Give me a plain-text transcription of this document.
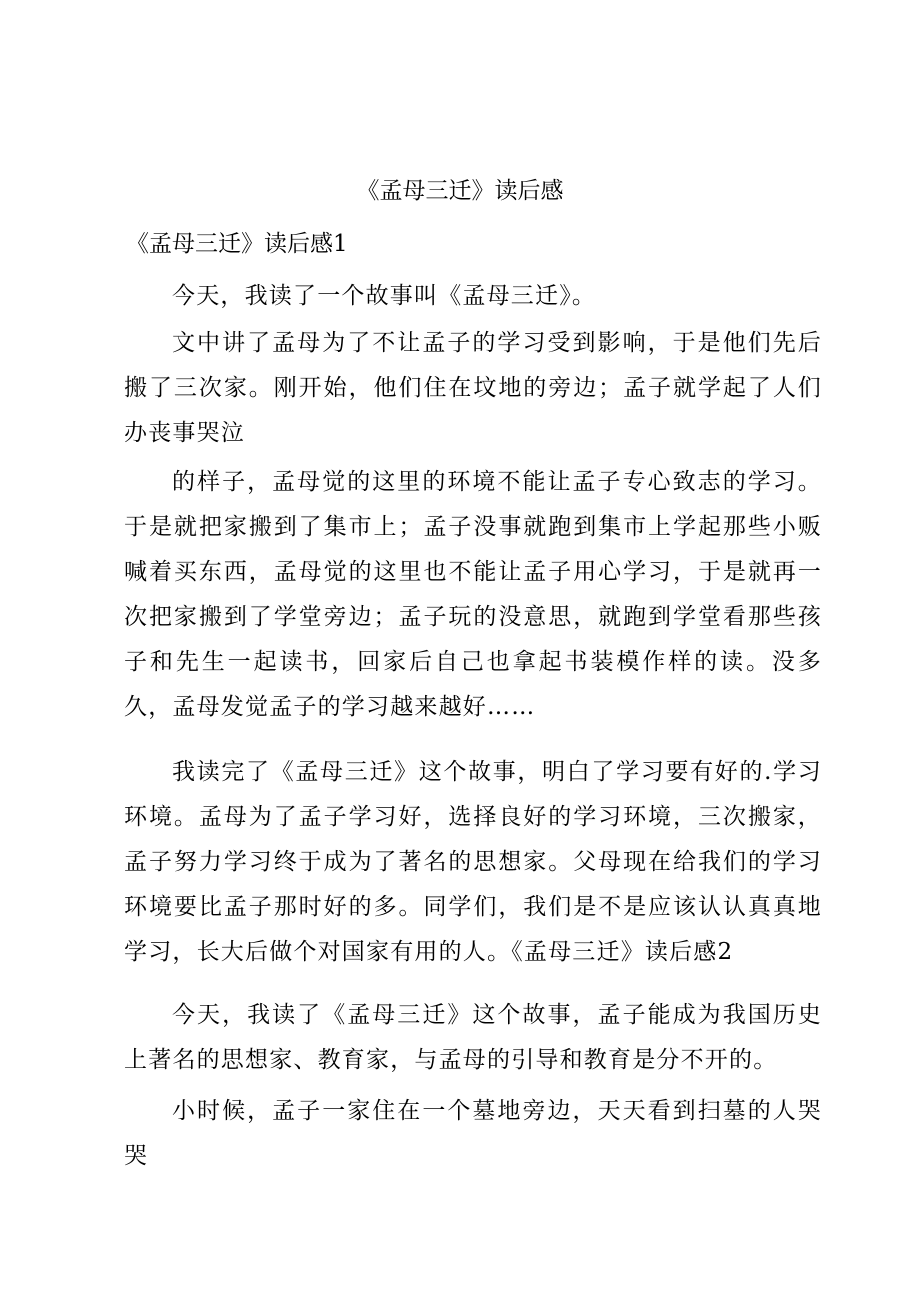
《孟母三迁》读后感

《孟母三迁》读后感1

今天，我读了一个故事叫《孟母三迁》。

文中讲了孟母为了不让孟子的学习受到影响，于是他们先后搬了三次家。刚开始，他们住在坟地的旁边；孟子就学起了人们办丧事哭泣

的样子，孟母觉的这里的环境不能让孟子专心致志的学习。于是就把家搬到了集市上；孟子没事就跑到集市上学起那些小贩喊着买东西，孟母觉的这里也不能让孟子用心学习，于是就再一次把家搬到了学堂旁边；孟子玩的没意思，就跑到学堂看那些孩子和先生一起读书，回家后自己也拿起书装模作样的读。没多久，孟母发觉孟子的学习越来越好……

我读完了《孟母三迁》这个故事，明白了学习要有好的.学习环境。孟母为了孟子学习好，选择良好的学习环境，三次搬家，孟子努力学习终于成为了著名的思想家。父母现在给我们的学习环境要比孟子那时好的多。同学们，我们是不是应该认认真真地学习，长大后做个对国家有用的人。《孟母三迁》读后感2

今天，我读了《孟母三迁》这个故事，孟子能成为我国历史上著名的思想家、教育家，与孟母的引导和教育是分不开的。

小时候，孟子一家住在一个墓地旁边，天天看到扫墓的人哭哭
